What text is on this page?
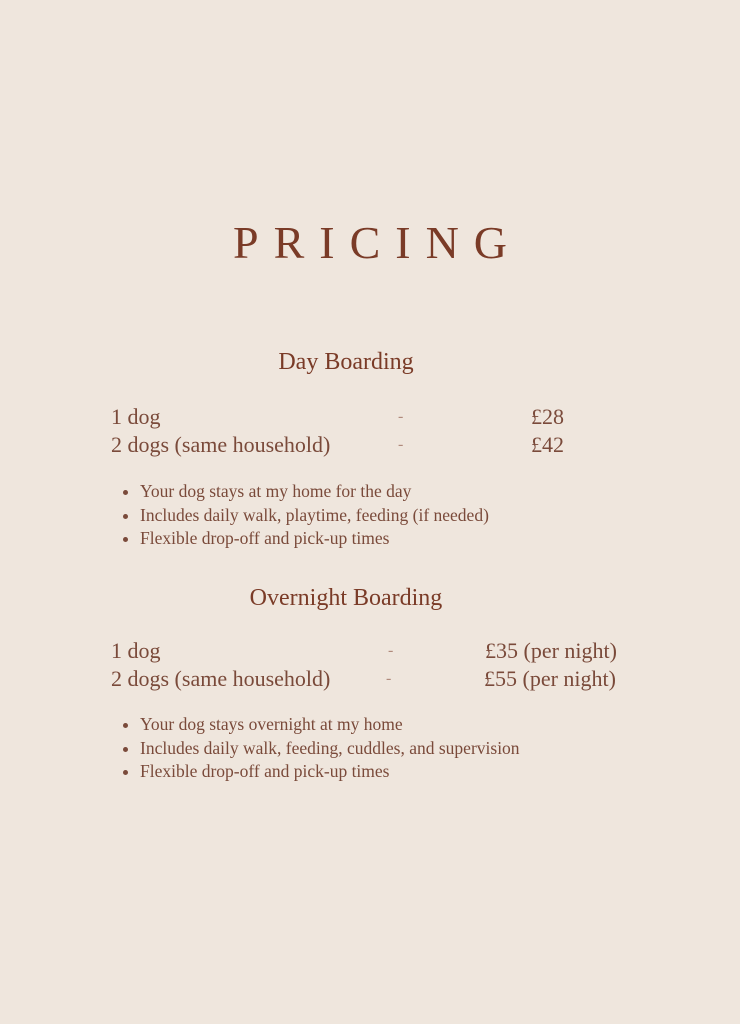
PRICING
Day Boarding
1 dog	-	£28
2 dogs (same household)	-	£42
• Your dog stays at my home for the day
• Includes daily walk, playtime, feeding (if needed)
• Flexible drop-off and pick-up times
Overnight Boarding
1 dog	-	£35 (per night)
2 dogs (same household)	-	£55 (per night)
• Your dog stays overnight at my home
• Includes daily walk, feeding, cuddles, and supervision
• Flexible drop-off and pick-up times
